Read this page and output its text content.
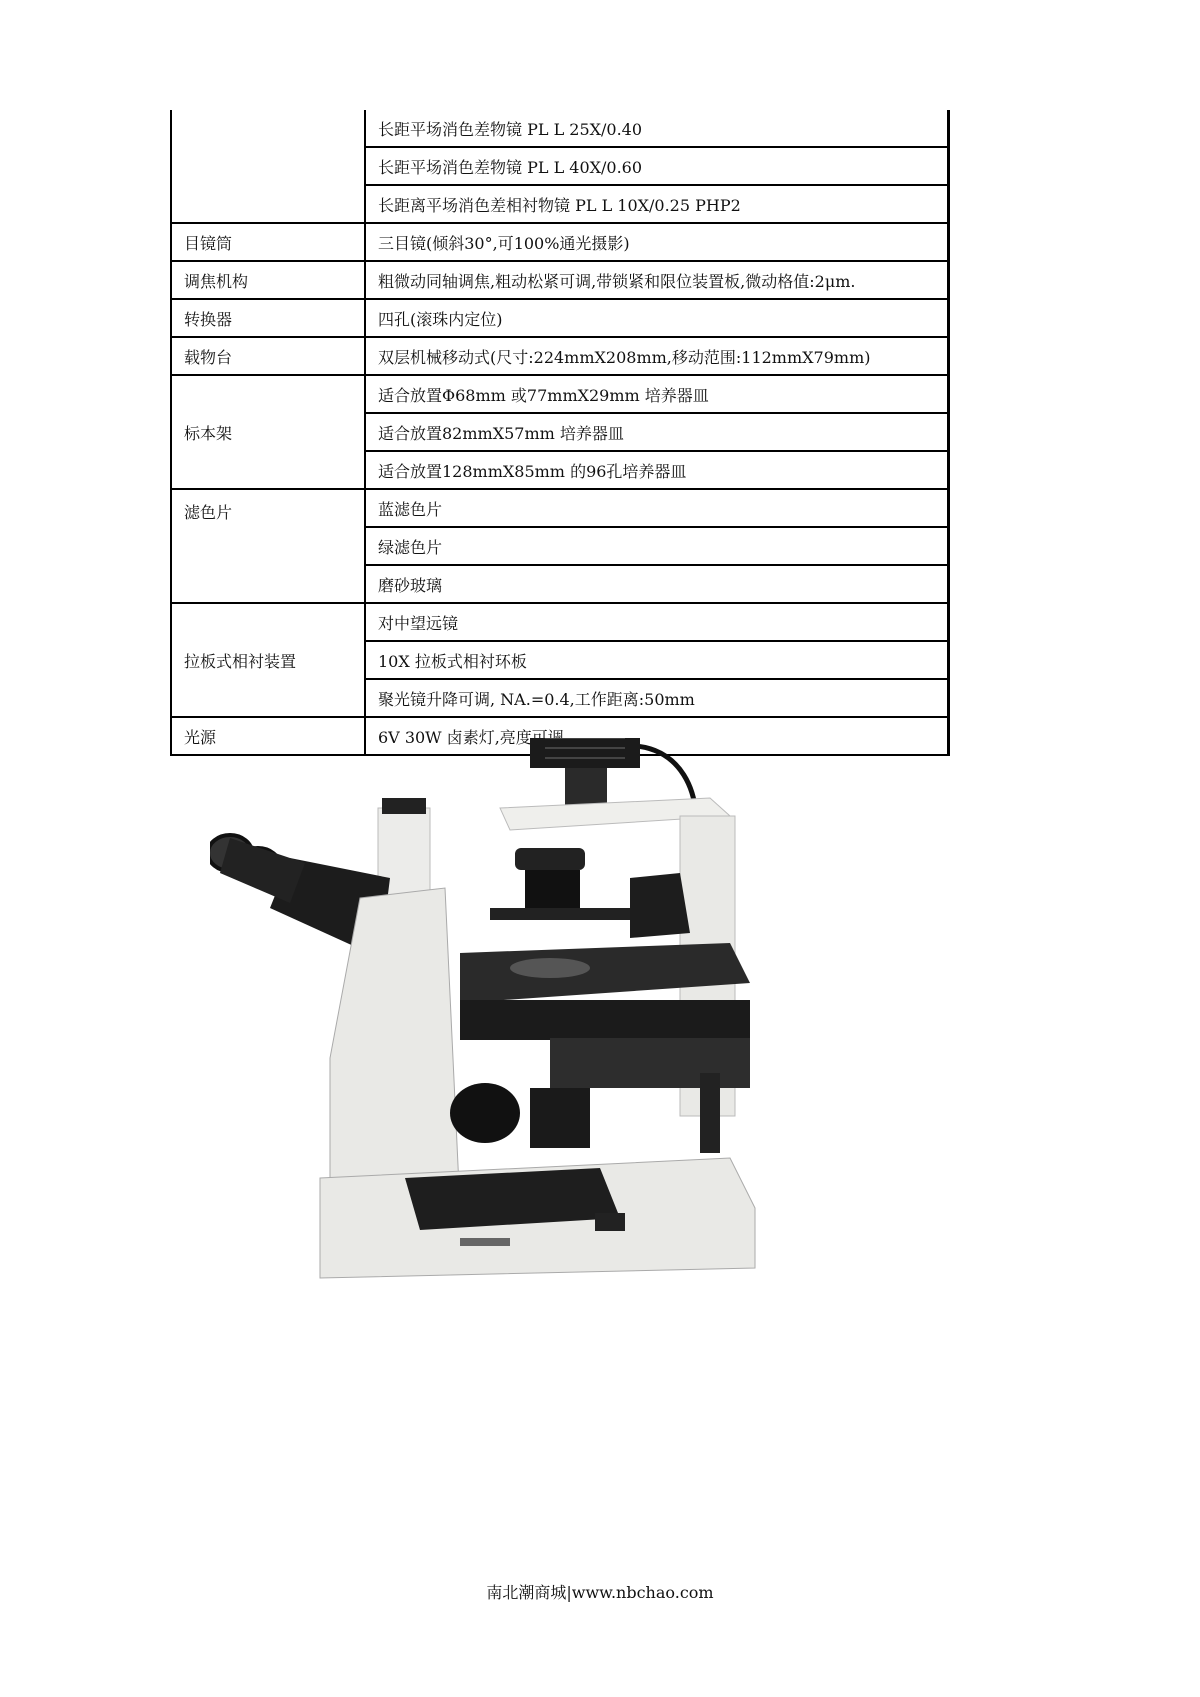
	长距平场消色差物镜 PL L 25X/0.40
	长距平场消色差物镜 PL L 40X/0.60
	长距离平场消色差相衬物镜 PL L 10X/0.25 PHP2
目镜筒	三目镜(倾斜30°,可100%通光摄影)
调焦机构	粗微动同轴调焦,粗动松紧可调,带锁紧和限位装置板,微动格值:2μm.
转换器	四孔(滚珠内定位)
载物台	双层机械移动式(尺寸:224mmX208mm,移动范围:112mmX79mm)
标本架	适合放置Φ68mm 或77mmX29mm 培养器皿
	适合放置82mmX57mm 培养器皿
	适合放置128mmX85mm 的96孔培养器皿
滤色片	蓝滤色片
	绿滤色片
	磨砂玻璃
拉板式相衬装置	对中望远镜
	10X 拉板式相衬环板
	聚光镜升降可调, NA.=0.4,工作距离:50mm
光源	6V 30W 卤素灯,亮度可调
南北潮商城|www.nbchao.com
